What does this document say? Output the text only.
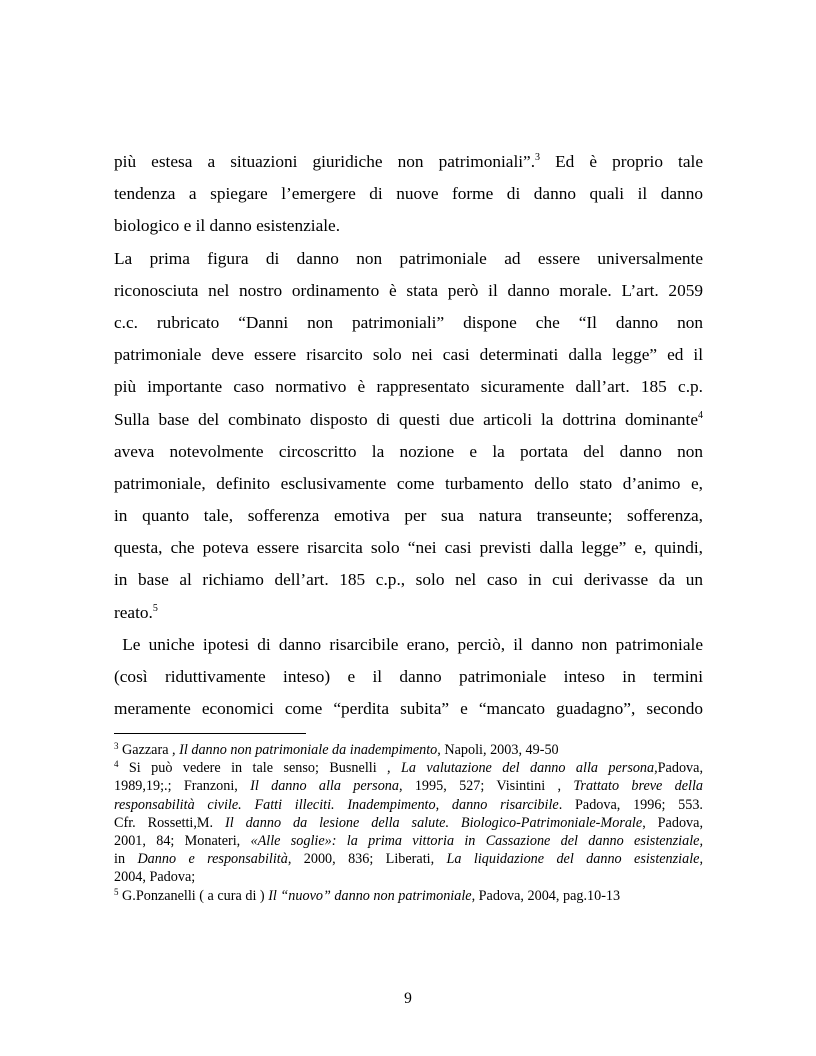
più estesa a situazioni giuridiche non patrimoniali”.$^3$ Ed è proprio tale
tendenza a spiegare l’emergere di nuove forme di danno quali il danno
biologico e il danno esistenziale.
La prima figura di danno non patrimoniale ad essere universalmente
riconosciuta nel nostro ordinamento è stata però il danno morale. L’art. 2059
c.c. rubricato “Danni non patrimoniali” dispone che “Il danno non
patrimoniale deve essere risarcito solo nei casi determinati dalla legge” ed il
più importante caso normativo è rappresentato sicuramente dall’art. 185 c.p.
Sulla base del combinato disposto di questi due articoli la dottrina dominante$^4$
aveva notevolmente circoscritto la nozione e la portata del danno non
patrimoniale, definito esclusivamente come turbamento dello stato d’animo e,
in quanto tale, sofferenza emotiva per sua natura transeunte; sofferenza,
questa, che poteva essere risarcita solo “nei casi previsti dalla legge” e, quindi,
in base al richiamo dell’art. 185 c.p., solo nel caso in cui derivasse da un
reato.$^5$
Le uniche ipotesi di danno risarcibile erano, perciò, il danno non patrimoniale
(così riduttivamente inteso) e il danno patrimoniale inteso in termini
meramente economici come “perdita subita” e “mancato guadagno”, secondo
$^3$ Gazzara , Il danno non patrimoniale da inadempimento, Napoli, 2003, 49-50
$^4$ Si può vedere in tale senso; Busnelli , La valutazione del danno alla persona,Padova,
1989,19;.; Franzoni, Il danno alla persona, 1995, 527; Visintini , Trattato breve della
responsabilità civile. Fatti illeciti. Inadempimento, danno risarcibile. Padova, 1996; 553.
Cfr. Rossetti,M. Il danno da lesione della salute. Biologico-Patrimoniale-Morale, Padova,
2001, 84; Monateri, «Alle soglie»: la prima vittoria in Cassazione del danno esistenziale,
in Danno e responsabilità, 2000, 836; Liberati, La liquidazione del danno esistenziale,
2004, Padova;
$^5$ G.Ponzanelli ( a cura di ) Il “nuovo” danno non patrimoniale, Padova, 2004, pag.10-13
9
